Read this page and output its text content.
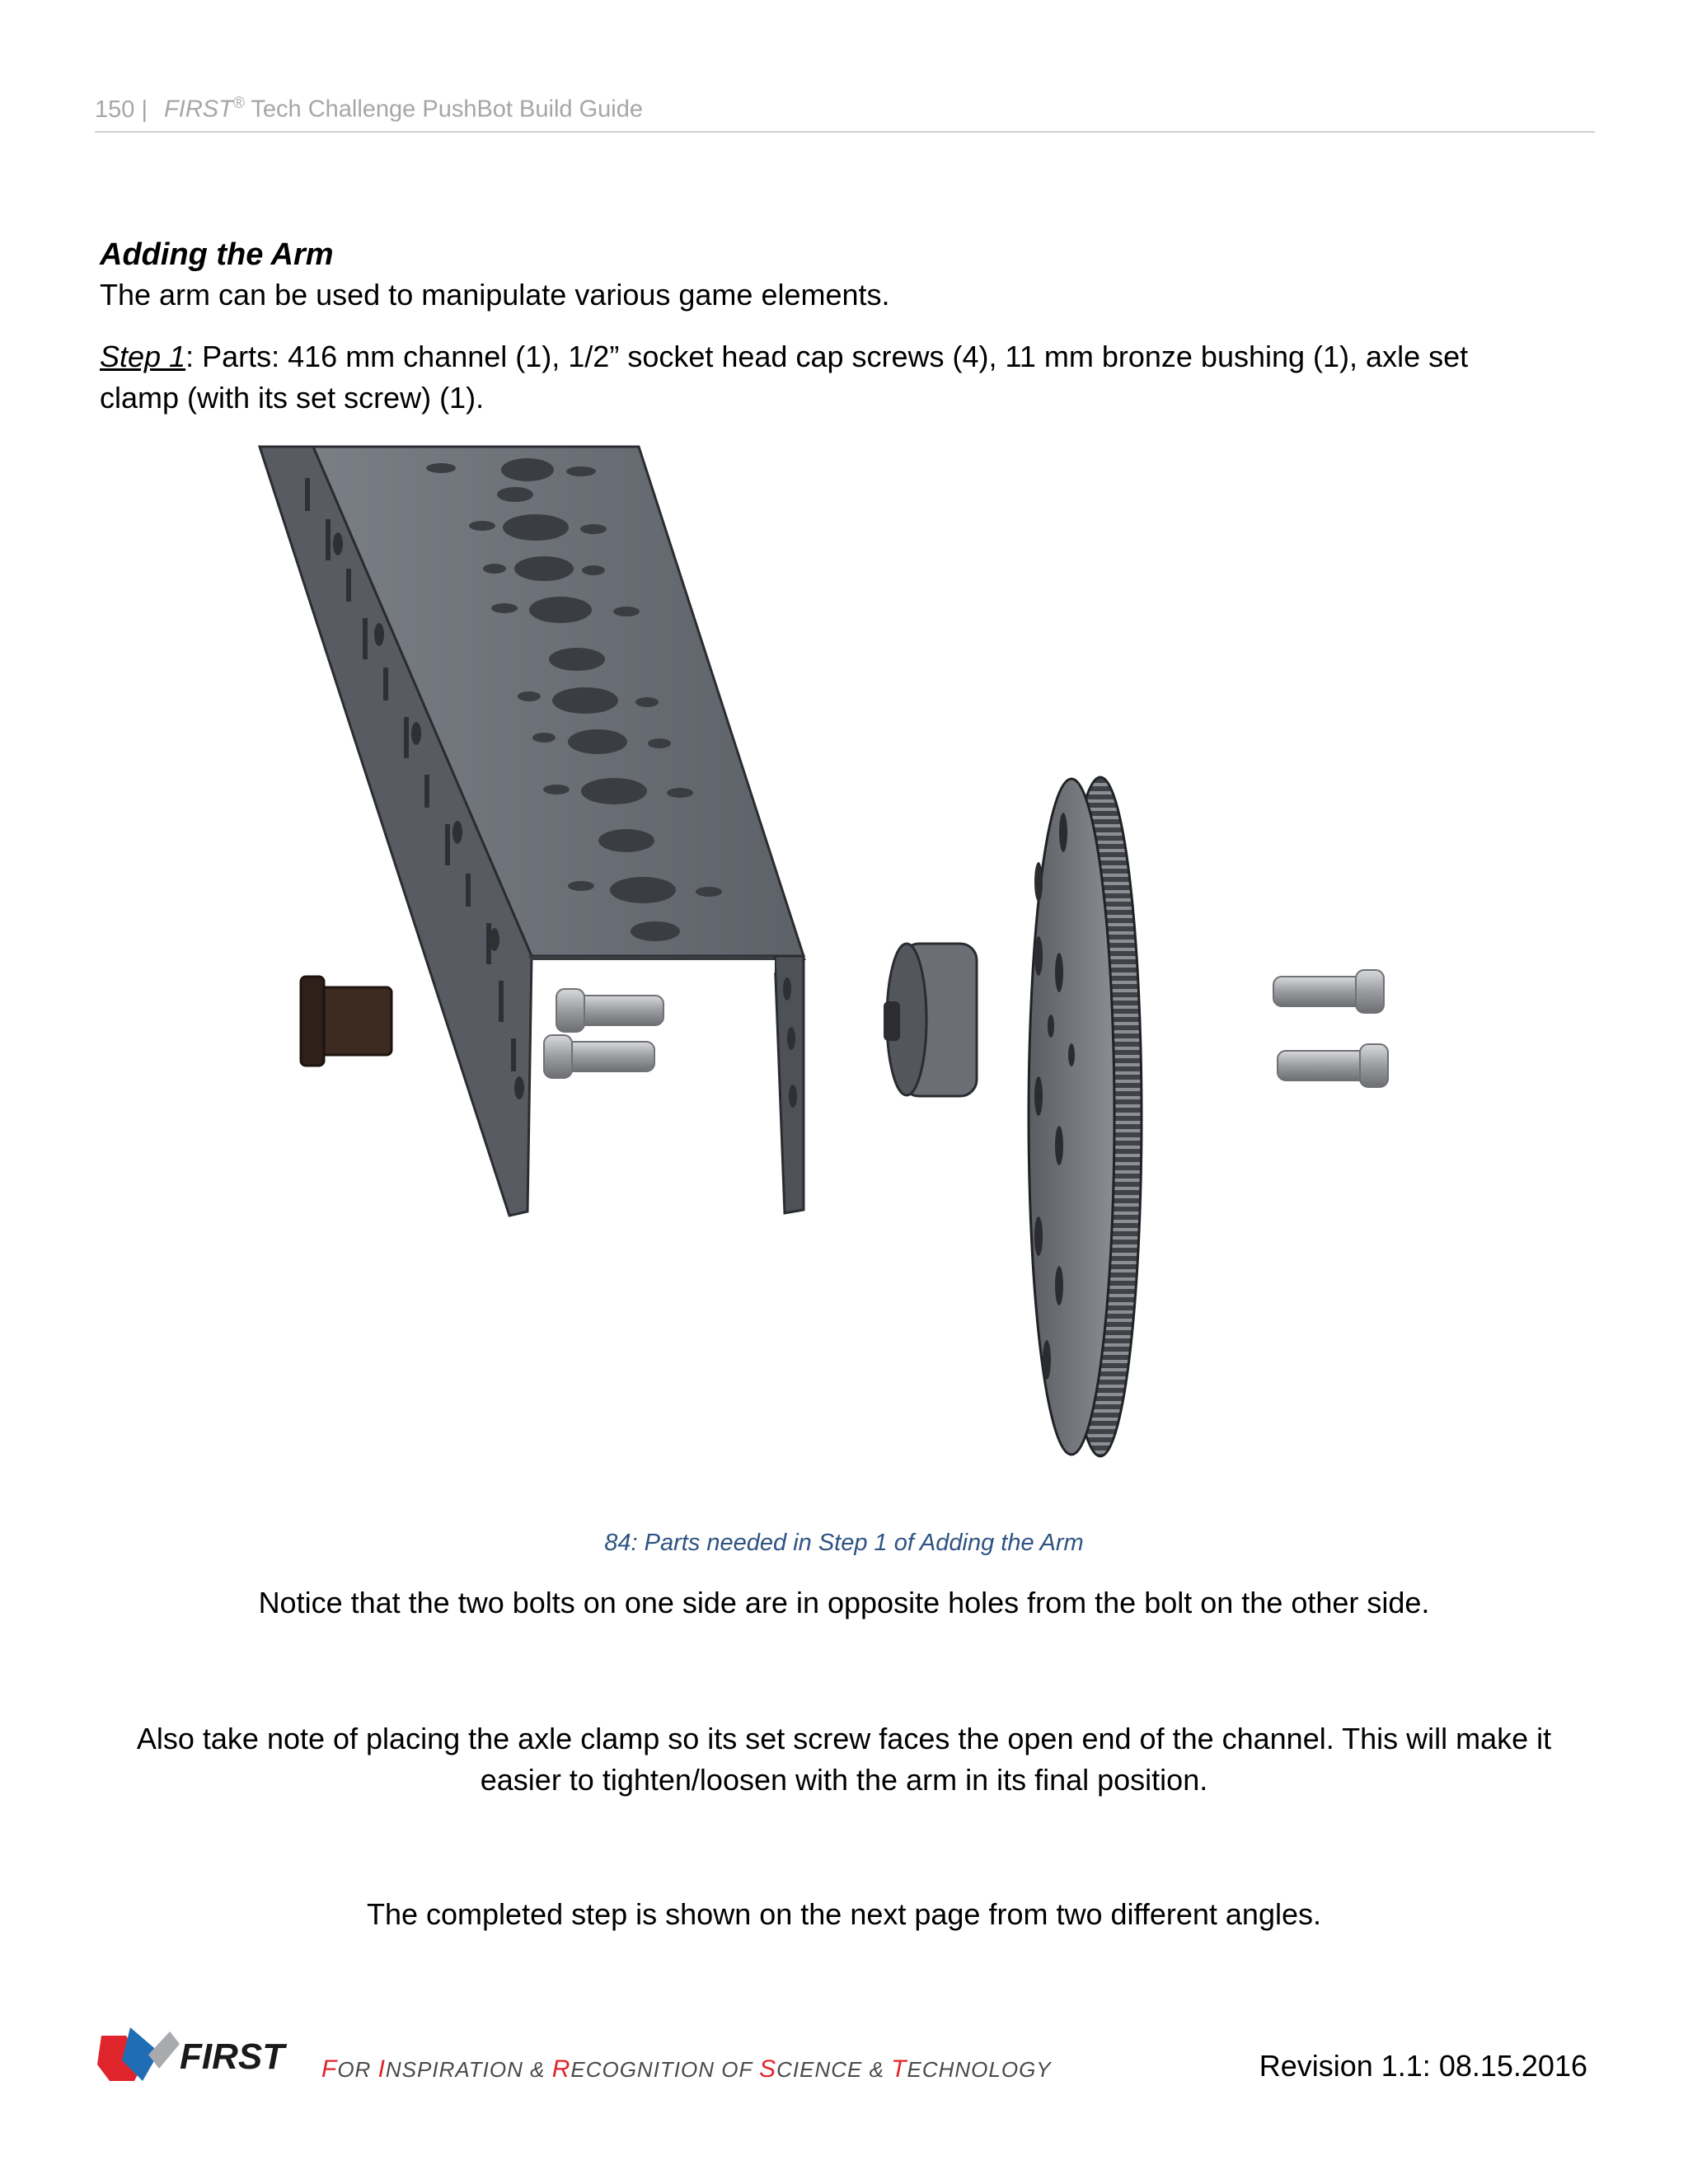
150 | FIRST® Tech Challenge PushBot Build Guide
Adding the Arm
The arm can be used to manipulate various game elements.
Step 1: Parts: 416 mm channel (1), 1/2” socket head cap screws (4), 11 mm bronze bushing (1), axle set clamp (with its set screw) (1).
84: Parts needed in Step 1 of Adding the Arm
Notice that the two bolts on one side are in opposite holes from the bolt on the other side.
Also take note of placing the axle clamp so its set screw faces the open end of the channel. This will make it easier to tighten/loosen with the arm in its final position.
The completed step is shown on the next page from two different angles.
FIRST FOR INSPIRATION & RECOGNITION OF SCIENCE & TECHNOLOGY	Revision 1.1: 08.15.2016
